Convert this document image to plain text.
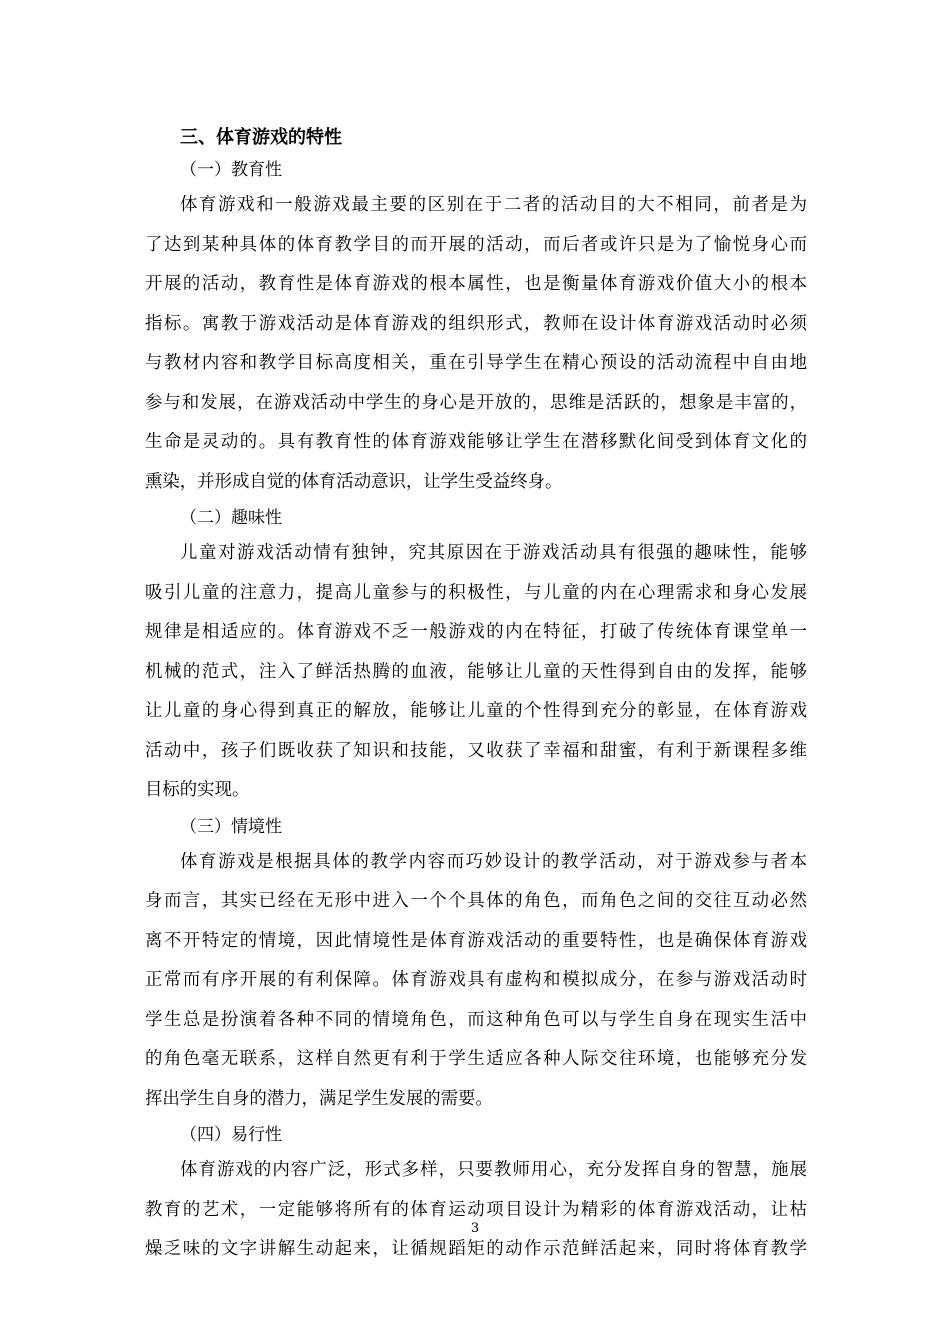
三、体育游戏的特性
（一）教育性
体育游戏和一般游戏最主要的区别在于二者的活动目的大不相同，前者是为
了达到某种具体的体育教学目的而开展的活动，而后者或许只是为了愉悦身心而
开展的活动，教育性是体育游戏的根本属性，也是衡量体育游戏价值大小的根本
指标。寓教于游戏活动是体育游戏的组织形式，教师在设计体育游戏活动时必须
与教材内容和教学目标高度相关，重在引导学生在精心预设的活动流程中自由地
参与和发展，在游戏活动中学生的身心是开放的，思维是活跃的，想象是丰富的，
生命是灵动的。具有教育性的体育游戏能够让学生在潜移默化间受到体育文化的
熏染，并形成自觉的体育活动意识，让学生受益终身。
（二）趣味性
儿童对游戏活动情有独钟，究其原因在于游戏活动具有很强的趣味性，能够
吸引儿童的注意力，提高儿童参与的积极性，与儿童的内在心理需求和身心发展
规律是相适应的。体育游戏不乏一般游戏的内在特征，打破了传统体育课堂单一
机械的范式，注入了鲜活热腾的血液，能够让儿童的天性得到自由的发挥，能够
让儿童的身心得到真正的解放，能够让儿童的个性得到充分的彰显，在体育游戏
活动中，孩子们既收获了知识和技能，又收获了幸福和甜蜜，有利于新课程多维
目标的实现。
（三）情境性
体育游戏是根据具体的教学内容而巧妙设计的教学活动，对于游戏参与者本
身而言，其实已经在无形中进入一个个具体的角色，而角色之间的交往互动必然
离不开特定的情境，因此情境性是体育游戏活动的重要特性，也是确保体育游戏
正常而有序开展的有利保障。体育游戏具有虚构和模拟成分，在参与游戏活动时
学生总是扮演着各种不同的情境角色，而这种角色可以与学生自身在现实生活中
的角色毫无联系，这样自然更有利于学生适应各种人际交往环境，也能够充分发
挥出学生自身的潜力，满足学生发展的需要。
（四）易行性
体育游戏的内容广泛，形式多样，只要教师用心，充分发挥自身的智慧，施展
教育的艺术，一定能够将所有的体育运动项目设计为精彩的体育游戏活动，让枯
燥乏味的文字讲解生动起来，让循规蹈矩的动作示范鲜活起来，同时将体育教学
3
